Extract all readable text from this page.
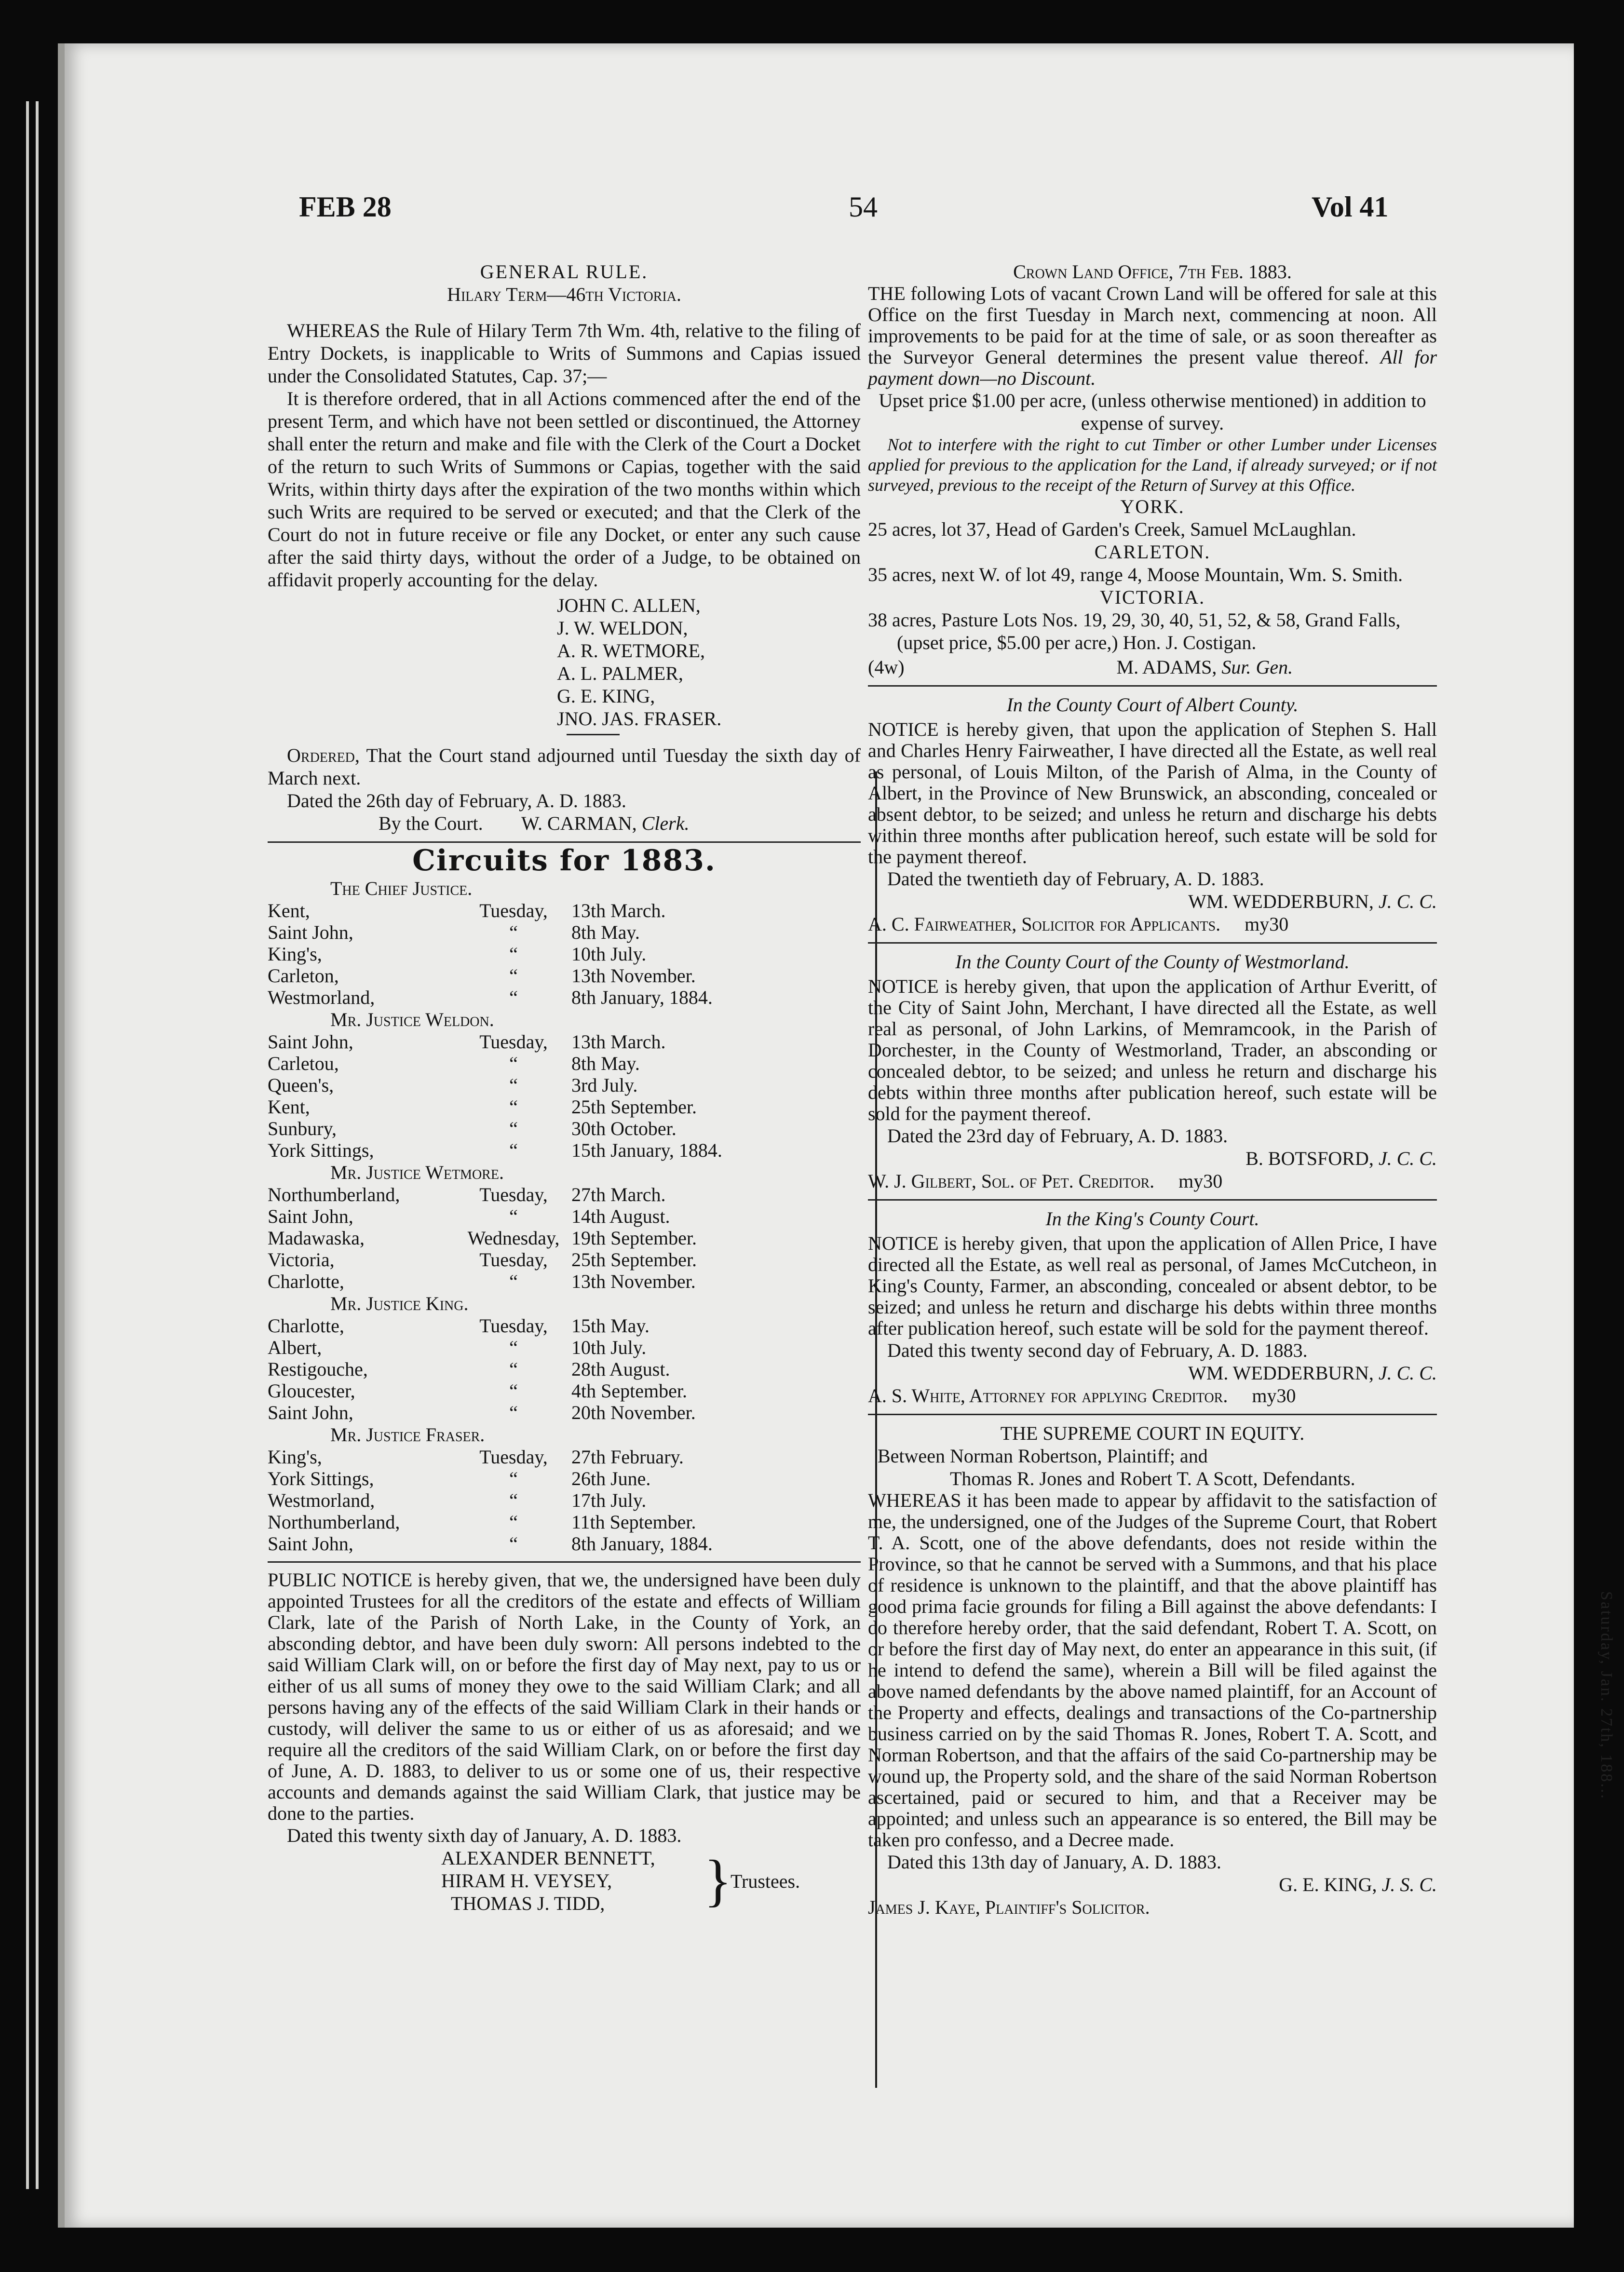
FEB 28	54	Vol 41

GENERAL RULE.

Hilary Term—46th Victoria.

WHEREAS the Rule of Hilary Term 7th Wm. 4th, relative to the filing of Entry Dockets, is inapplicable to Writs of Summons and Capias issued under the Consolidated Statutes, Cap. 37;—

It is therefore ordered, that in all Actions commenced after the end of the present Term, and which have not been settled or discontinued, the Attorney shall enter the return and make and file with the Clerk of the Court a Docket of the return to such Writs of Summons or Capias, together with the said Writs, within thirty days after the expiration of the two months within which such Writs are required to be served or executed; and that the Clerk of the Court do not in future receive or file any Docket, or enter any such cause after the said thirty days, without the order of a Judge, to be obtained on affidavit properly accounting for the delay.

JOHN C. ALLEN,

J. W. WELDON,

A. R. WETMORE,

A. L. PALMER,

G. E. KING,

JNO. JAS. FRASER.

Ordered, That the Court stand adjourned until Tuesday the sixth day of March next.

Dated the 26th day of February, A. D. 1883.

By the Court. W. CARMAN, Clerk.

Circuits for 1883.

The Chief Justice.

Kent,	Tuesday,	13th March.
Saint John,	“	8th May.
King's,	“	10th July.
Carleton,	“	13th November.
Westmorland,	“	8th January, 1884.

Mr. Justice Weldon.

Saint John,	Tuesday,	13th March.
Carletou,	“	8th May.
Queen's,	“	3rd July.
Kent,	“	25th September.
Sunbury,	“	30th October.
York Sittings,	“	15th January, 1884.

Mr. Justice Wetmore.

Northumberland,	Tuesday,	27th March.
Saint John,	“	14th August.
Madawaska,	Wednesday,	19th September.
Victoria,	Tuesday,	25th September.
Charlotte,	“	13th November.

Mr. Justice King.

Charlotte,	Tuesday,	15th May.
Albert,	“	10th July.
Restigouche,	“	28th August.
Gloucester,	“	4th September.
Saint John,	“	20th November.

Mr. Justice Fraser.

King's,	Tuesday,	27th February.
York Sittings,	“	26th June.
Westmorland,	“	17th July.
Northumberland,	“	11th September.
Saint John,	“	8th January, 1884.

PUBLIC NOTICE is hereby given, that we, the undersigned have been duly appointed Trustees for all the creditors of the estate and effects of William Clark, late of the Parish of North Lake, in the County of York, an absconding debtor, and have been duly sworn: All persons indebted to the said William Clark will, on or before the first day of May next, pay to us or either of us all sums of money they owe to the said William Clark; and all persons having any of the effects of the said William Clark in their hands or custody, will deliver the same to us or either of us as aforesaid; and we require all the creditors of the said William Clark, on or before the first day of June, A. D. 1883, to deliver to us or some one of us, their respective accounts and demands against the said William Clark, that justice may be done to the parties.

Dated this twenty sixth day of January, A. D. 1883.

ALEXANDER BENNETT,

HIRAM H. VEYSEY,

THOMAS J. TIDD,	}
Trustees.

Crown Land Office, 7th Feb. 1883.

THE following Lots of vacant Crown Land will be offered for sale at this Office on the first Tuesday in March next, commencing at noon. All improvements to be paid for at the time of sale, or as soon thereafter as the Surveyor General determines the present value thereof. All for payment down—no Discount.

Upset price $1.00 per acre, (unless otherwise mentioned) in addition to expense of survey.

Not to interfere with the right to cut Timber or other Lumber under Licenses applied for previous to the application for the Land, if already surveyed; or if not surveyed, previous to the receipt of the Return of Survey at this Office.

YORK.

25 acres, lot 37, Head of Garden's Creek, Samuel McLaughlan.

CARLETON.

35 acres, next W. of lot 49, range 4, Moose Mountain, Wm. S. Smith.

VICTORIA.

38 acres, Pasture Lots Nos. 19, 29, 30, 40, 51, 52, & 58, Grand Falls, (upset price, $5.00 per acre,) Hon. J. Costigan.

(4w)	M. ADAMS, Sur. Gen.

In the County Court of Albert County.

NOTICE is hereby given, that upon the application of Stephen S. Hall and Charles Henry Fairweather, I have directed all the Estate, as well real as personal, of Louis Milton, of the Parish of Alma, in the County of Albert, in the Province of New Brunswick, an absconding, concealed or absent debtor, to be seized; and unless he return and discharge his debts within three months after publication hereof, such estate will be sold for the payment thereof.

Dated the twentieth day of February, A. D. 1883.

WM. WEDDERBURN, J. C. C.

A. C. Fairweather, Solicitor for Applicants. my30

In the County Court of the County of Westmorland.

NOTICE is hereby given, that upon the application of Arthur Everitt, of the City of Saint John, Merchant, I have directed all the Estate, as well real as personal, of John Larkins, of Memramcook, in the Parish of Dorchester, in the County of Westmorland, Trader, an absconding or concealed debtor, to be seized; and unless he return and discharge his debts within three months after publication hereof, such estate will be sold for the payment thereof.

Dated the 23rd day of February, A. D. 1883.

B. BOTSFORD, J. C. C.

W. J. Gilbert, Sol. of Pet. Creditor. my30

In the King's County Court.

NOTICE is hereby given, that upon the application of Allen Price, I have directed all the Estate, as well real as personal, of James McCutcheon, in King's County, Farmer, an absconding, concealed or absent debtor, to be seized; and unless he return and discharge his debts within three months after publication hereof, such estate will be sold for the payment thereof.

Dated this twenty second day of February, A. D. 1883.

WM. WEDDERBURN, J. C. C.

A. S. White, Attorney for applying Creditor. my30

THE SUPREME COURT IN EQUITY.

Between Norman Robertson, Plaintiff; and

Thomas R. Jones and Robert T. A Scott, Defendants.

WHEREAS it has been made to appear by affidavit to the satisfaction of me, the undersigned, one of the Judges of the Supreme Court, that Robert T. A. Scott, one of the above defendants, does not reside within the Province, so that he cannot be served with a Summons, and that his place of residence is unknown to the plaintiff, and that the above plaintiff has good prima facie grounds for filing a Bill against the above defendants: I do therefore hereby order, that the said defendant, Robert T. A. Scott, on or before the first day of May next, do enter an appearance in this suit, (if he intend to defend the same), wherein a Bill will be filed against the above named defendants by the above named plaintiff, for an Account of the Property and effects, dealings and transactions of the Co-partnership business carried on by the said Thomas R. Jones, Robert T. A. Scott, and Norman Robertson, and that the affairs of the said Co-partnership may be wound up, the Property sold, and the share of the said Norman Robertson ascertained, paid or secured to him, and that a Receiver may be appointed; and unless such an appearance is so entered, the Bill may be taken pro confesso, and a Decree made.

Dated this 13th day of January, A. D. 1883.

G. E. KING, J. S. C.

James J. Kaye, Plaintiff's Solicitor.

Saturday, Jan. 27th, 188...
